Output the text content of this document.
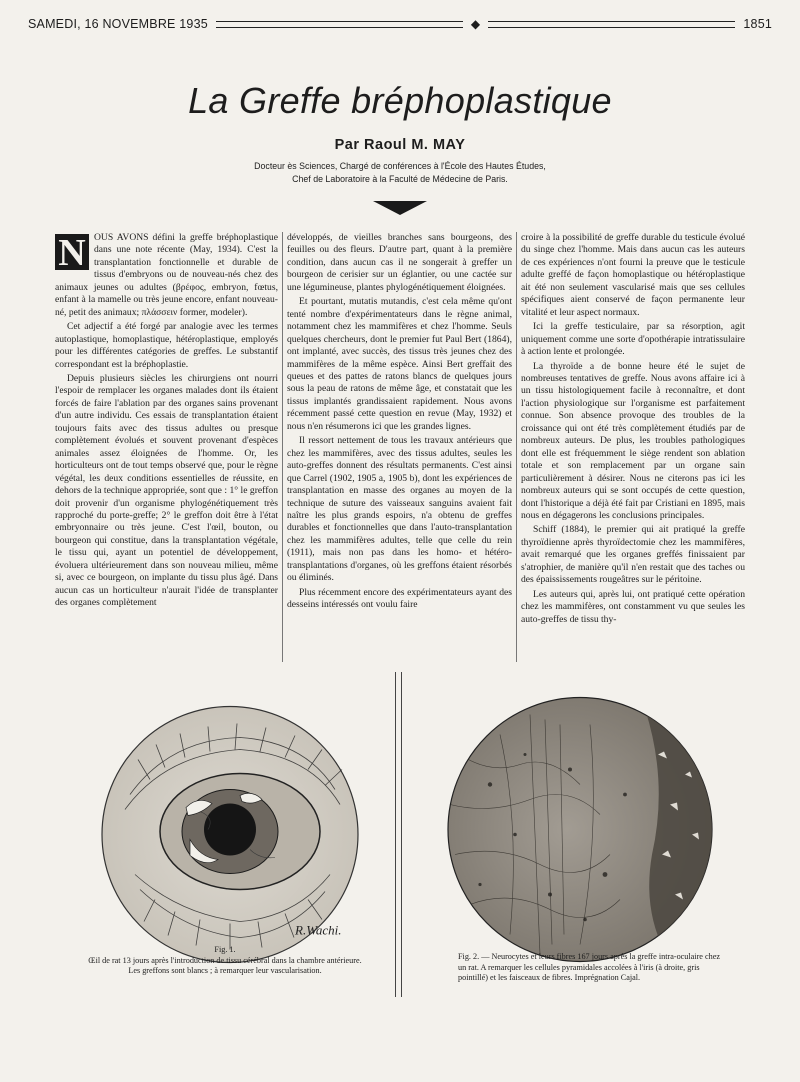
SAMEDI, 16 NOVEMBRE 1935	◆	1851
La Greffe bréphoplastique
Par Raoul M. MAY
Docteur ès Sciences, Chargé de conférences à l'École des Hautes Études,
Chef de Laboratoire à la Faculté de Médecine de Paris.
N OUS AVONS défini la greffe bréphoplastique dans une note récente (May, 1934). C'est la transplantation fonctionnelle et durable de tissus d'embryons ou de nouveau-nés chez des animaux jeunes ou adultes (βρέφος, embryon, fœtus, enfant à la mamelle ou très jeune encore, enfant nouveau-né, petit des animaux; πλάσσειν former, modeler).

Cet adjectif a été forgé par analogie avec les termes autoplastique, homoplastique, hétéroplastique, employés pour les différentes catégories de greffes. Le substantif correspondant est la bréphoplastie.

Depuis plusieurs siècles les chirurgiens ont nourri l'espoir de remplacer les organes malades dont ils étaient forcés de faire l'ablation par des organes sains provenant d'un autre individu. Ces essais de transplantation étaient toujours faits avec des tissus adultes ou presque complètement évolués et souvent provenant d'espèces animales assez éloignées de l'homme. Or, les horticulteurs ont de tout temps observé que, pour le règne végétal, les deux conditions essentielles de réussite, en dehors de la technique appropriée, sont que : 1° le greffon doit provenir d'un organisme phylogénétiquement très rapproché du porte-greffe; 2° le greffon doit être à l'état embryonnaire ou très jeune. C'est l'œil, bouton, ou bourgeon qui constitue, dans la transplantation végétale, le tissu qui, ayant un potentiel de développement, évoluera ultérieurement dans son nouveau milieu, même si, avec ce bourgeon, on implante du tissu plus âgé. Dans aucun cas un horticulteur n'aurait l'idée de transplanter des organes complètement

développés, de vieilles branches sans bourgeons, des feuilles ou des fleurs. D'autre part, quant à la première condition, dans aucun cas il ne songerait à greffer un bourgeon de cerisier sur un églantier, ou une cactée sur une légumineuse, plantes phylogénétiquement éloignées.

Et pourtant, mutatis mutandis, c'est cela même qu'ont tenté nombre d'expérimentateurs dans le règne animal, notamment chez les mammifères et chez l'homme. Seuls quelques chercheurs, dont le premier fut Paul Bert (1864), ont implanté, avec succès, des tissus très jeunes chez des mammifères de la même espèce. Ainsi Bert greffait des queues et des pattes de ratons blancs de quelques jours sous la peau de ratons de même âge, et constatait que les tissus implantés grandissaient rapidement. Nous avons récemment passé cette question en revue (May, 1932) et nous n'en résumerons ici que les grandes lignes.

Il ressort nettement de tous les travaux antérieurs que chez les mammifères, avec des tissus adultes, seules les auto-greffes donnent des résultats permanents. C'est ainsi que Carrel (1902, 1905 a, 1905 b), dont les expériences de transplantation en masse des organes au moyen de la technique de suture des vaisseaux sanguins avaient fait naître les plus grands espoirs, n'a obtenu de greffes durables et fonctionnelles que dans l'auto-transplantation chez les mammifères adultes, telle que celle du rein (1911), mais non pas dans les homo- et hétéro-transplantations d'organes, où les greffons étaient résorbés ou éliminés.

Plus récemment encore des expérimentateurs ayant des desseins intéressés ont voulu faire

croire à la possibilité de greffe durable du testicule évolué du singe chez l'homme. Mais dans aucun cas les auteurs de ces expériences n'ont fourni la preuve que le testicule adulte greffé de façon homoplastique ou hétéroplastique ait été non seulement vascularisé mais que ses cellules spécifiques aient conservé de façon permanente leur vitalité et leur aspect normaux.

Ici la greffe testiculaire, par sa résorption, agit uniquement comme une sorte d'opothérapie intratissulaire à action lente et prolongée.

La thyroïde a de bonne heure été le sujet de nombreuses tentatives de greffe. Nous avons affaire ici à un tissu histologiquement facile à reconnaître, et dont l'action physiologique sur l'organisme est parfaitement connue. Son absence provoque des troubles de la croissance qui ont été très complètement étudiés par de nombreux auteurs. De plus, les troubles pathologiques dont elle est fréquemment le siège rendent son ablation totale et son remplacement par un organe sain particulièrement à désirer. Nous ne citerons pas ici les nombreux auteurs qui se sont occupés de cette question, dont l'historique a déjà été fait par Cristiani en 1895, mais nous en dégagerons les conclusions principales.

Schiff (1884), le premier qui ait pratiqué la greffe thyroïdienne après thyroïdectomie chez les mammifères, avait remarqué que les organes greffés finissaient par s'atrophier, de manière qu'il n'en restait que des taches ou des épaississements rougeâtres sur le péritoine.

Les auteurs qui, après lui, ont pratiqué cette opération chez les mammifères, ont constamment vu que seules les auto-greffes de tissu thy-

R.Wachi.
Fig. 1.
Œil de rat 13 jours après l'introduction de tissu cérébral dans la chambre antérieure. Les greffons sont blancs ; à remarquer leur vascularisation.
Fig. 2. — Neurocytes et leurs fibres 167 jours après la greffe intra-oculaire chez un rat. A remarquer les cellules pyramidales accolées à l'iris (à droite, gris pointillé) et les faisceaux de fibres. Imprégnation Cajal.
